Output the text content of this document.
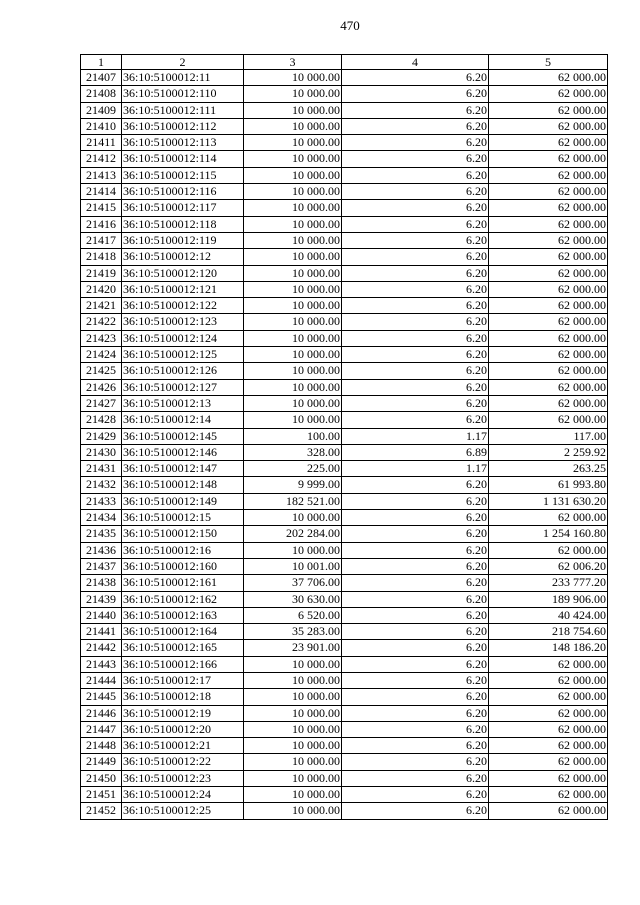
470
1	2	3	4	5
21407	36:10:5100012:11	10 000.00	6.20	62 000.00
21408	36:10:5100012:110	10 000.00	6.20	62 000.00
21409	36:10:5100012:111	10 000.00	6.20	62 000.00
21410	36:10:5100012:112	10 000.00	6.20	62 000.00
21411	36:10:5100012:113	10 000.00	6.20	62 000.00
21412	36:10:5100012:114	10 000.00	6.20	62 000.00
21413	36:10:5100012:115	10 000.00	6.20	62 000.00
21414	36:10:5100012:116	10 000.00	6.20	62 000.00
21415	36:10:5100012:117	10 000.00	6.20	62 000.00
21416	36:10:5100012:118	10 000.00	6.20	62 000.00
21417	36:10:5100012:119	10 000.00	6.20	62 000.00
21418	36:10:5100012:12	10 000.00	6.20	62 000.00
21419	36:10:5100012:120	10 000.00	6.20	62 000.00
21420	36:10:5100012:121	10 000.00	6.20	62 000.00
21421	36:10:5100012:122	10 000.00	6.20	62 000.00
21422	36:10:5100012:123	10 000.00	6.20	62 000.00
21423	36:10:5100012:124	10 000.00	6.20	62 000.00
21424	36:10:5100012:125	10 000.00	6.20	62 000.00
21425	36:10:5100012:126	10 000.00	6.20	62 000.00
21426	36:10:5100012:127	10 000.00	6.20	62 000.00
21427	36:10:5100012:13	10 000.00	6.20	62 000.00
21428	36:10:5100012:14	10 000.00	6.20	62 000.00
21429	36:10:5100012:145	100.00	1.17	117.00
21430	36:10:5100012:146	328.00	6.89	2 259.92
21431	36:10:5100012:147	225.00	1.17	263.25
21432	36:10:5100012:148	9 999.00	6.20	61 993.80
21433	36:10:5100012:149	182 521.00	6.20	1 131 630.20
21434	36:10:5100012:15	10 000.00	6.20	62 000.00
21435	36:10:5100012:150	202 284.00	6.20	1 254 160.80
21436	36:10:5100012:16	10 000.00	6.20	62 000.00
21437	36:10:5100012:160	10 001.00	6.20	62 006.20
21438	36:10:5100012:161	37 706.00	6.20	233 777.20
21439	36:10:5100012:162	30 630.00	6.20	189 906.00
21440	36:10:5100012:163	6 520.00	6.20	40 424.00
21441	36:10:5100012:164	35 283.00	6.20	218 754.60
21442	36:10:5100012:165	23 901.00	6.20	148 186.20
21443	36:10:5100012:166	10 000.00	6.20	62 000.00
21444	36:10:5100012:17	10 000.00	6.20	62 000.00
21445	36:10:5100012:18	10 000.00	6.20	62 000.00
21446	36:10:5100012:19	10 000.00	6.20	62 000.00
21447	36:10:5100012:20	10 000.00	6.20	62 000.00
21448	36:10:5100012:21	10 000.00	6.20	62 000.00
21449	36:10:5100012:22	10 000.00	6.20	62 000.00
21450	36:10:5100012:23	10 000.00	6.20	62 000.00
21451	36:10:5100012:24	10 000.00	6.20	62 000.00
21452	36:10:5100012:25	10 000.00	6.20	62 000.00
